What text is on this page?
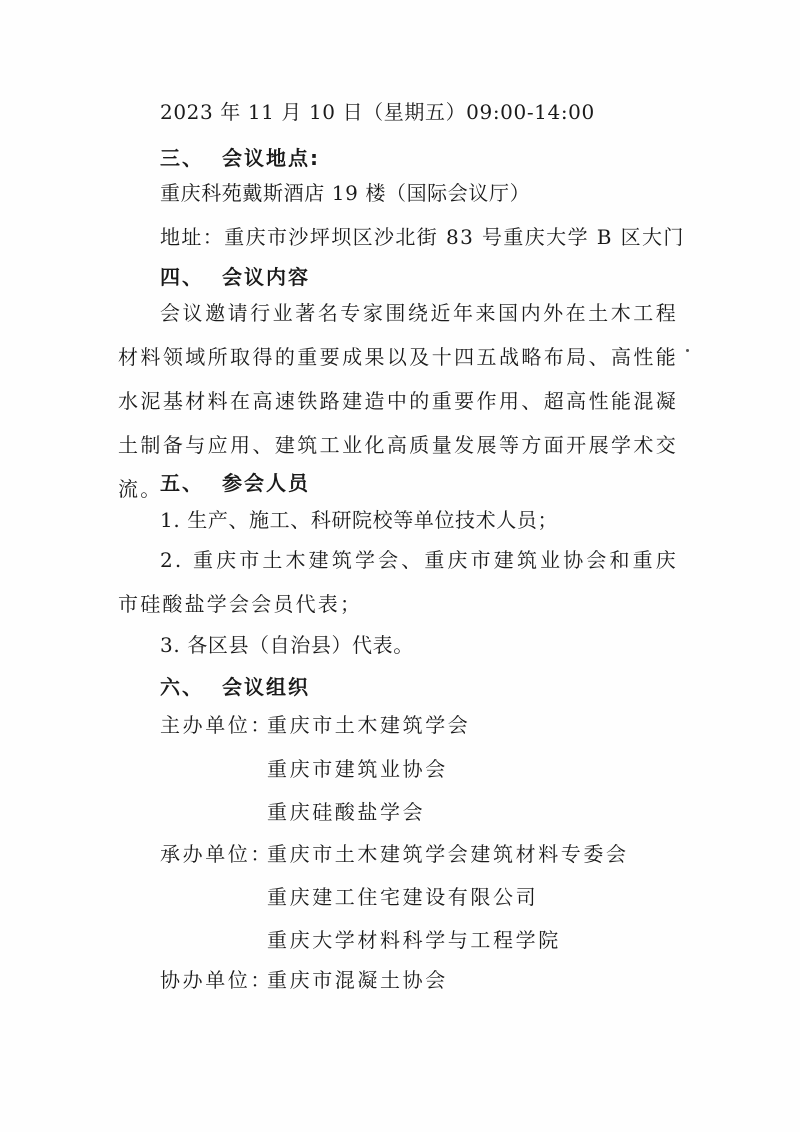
2023 年 11 月 10 日（星期五）09:00-14:00
三、 会议地点:
重庆科苑戴斯酒店 19 楼（国际会议厅）
地址：重庆市沙坪坝区沙北街 83 号重庆大学 B 区大门
四、 会议内容
会议邀请行业著名专家围绕近年来国内外在土木工程材料领域所取得的重要成果以及十四五战略布局、高性能水泥基材料在高速铁路建造中的重要作用、超高性能混凝土制备与应用、建筑工业化高质量发展等方面开展学术交流。
五、 参会人员
1. 生产、施工、科研院校等单位技术人员；
2. 重庆市土木建筑学会、重庆市建筑业协会和重庆市硅酸盐学会会员代表；
3. 各区县（自治县）代表。
六、 会议组织
主办单位：
重庆市土木建筑学会
重庆市建筑业协会
重庆硅酸盐学会
承办单位：
重庆市土木建筑学会建筑材料专委会
重庆建工住宅建设有限公司
重庆大学材料科学与工程学院
协办单位：
重庆市混凝土协会
